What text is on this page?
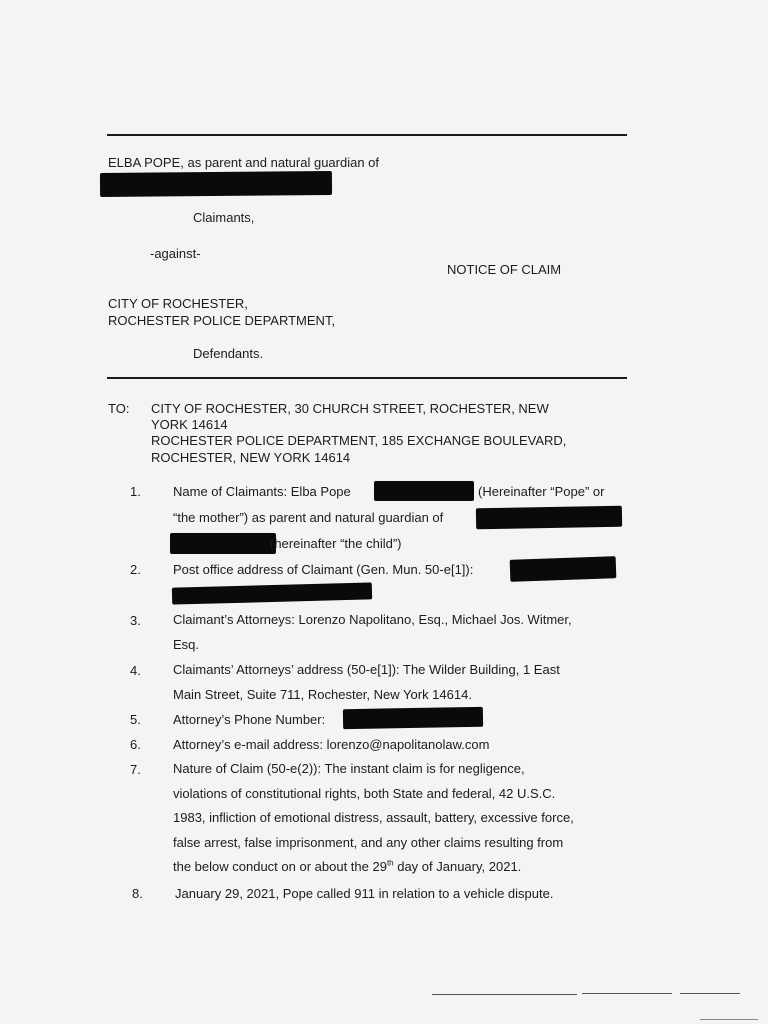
ELBA POPE, as parent and natural guardian of
Claimants,
-against-
NOTICE OF CLAIM
CITY OF ROCHESTER,
ROCHESTER POLICE DEPARTMENT,
Defendants.
TO: CITY OF ROCHESTER, 30 CHURCH STREET, ROCHESTER, NEW
YORK 14614
ROCHESTER POLICE DEPARTMENT, 185 EXCHANGE BOULEVARD,
ROCHESTER, NEW YORK 14614
1. Name of Claimants: Elba Pope	(Hereinafter “Pope” or
“the mother”) as parent and natural guardian of
(hereinafter “the child”)
2. Post office address of Claimant (Gen. Mun. 50-e[1]):
3. Claimant’s Attorneys: Lorenzo Napolitano, Esq., Michael Jos. Witmer,
Esq.
4. Claimants’ Attorneys’ address (50-e[1]): The Wilder Building, 1 East
Main Street, Suite 711, Rochester, New York 14614.
5. Attorney’s Phone Number:
6. Attorney’s e-mail address: lorenzo@napolitanolaw.com
7. Nature of Claim (50-e(2)): The instant claim is for negligence,
violations of constitutional rights, both State and federal, 42 U.S.C.
1983, infliction of emotional distress, assault, battery, excessive force,
false arrest, false imprisonment, and any other claims resulting from
the below conduct on or about the 29th day of January, 2021.
8. January 29, 2021, Pope called 911 in relation to a vehicle dispute.
